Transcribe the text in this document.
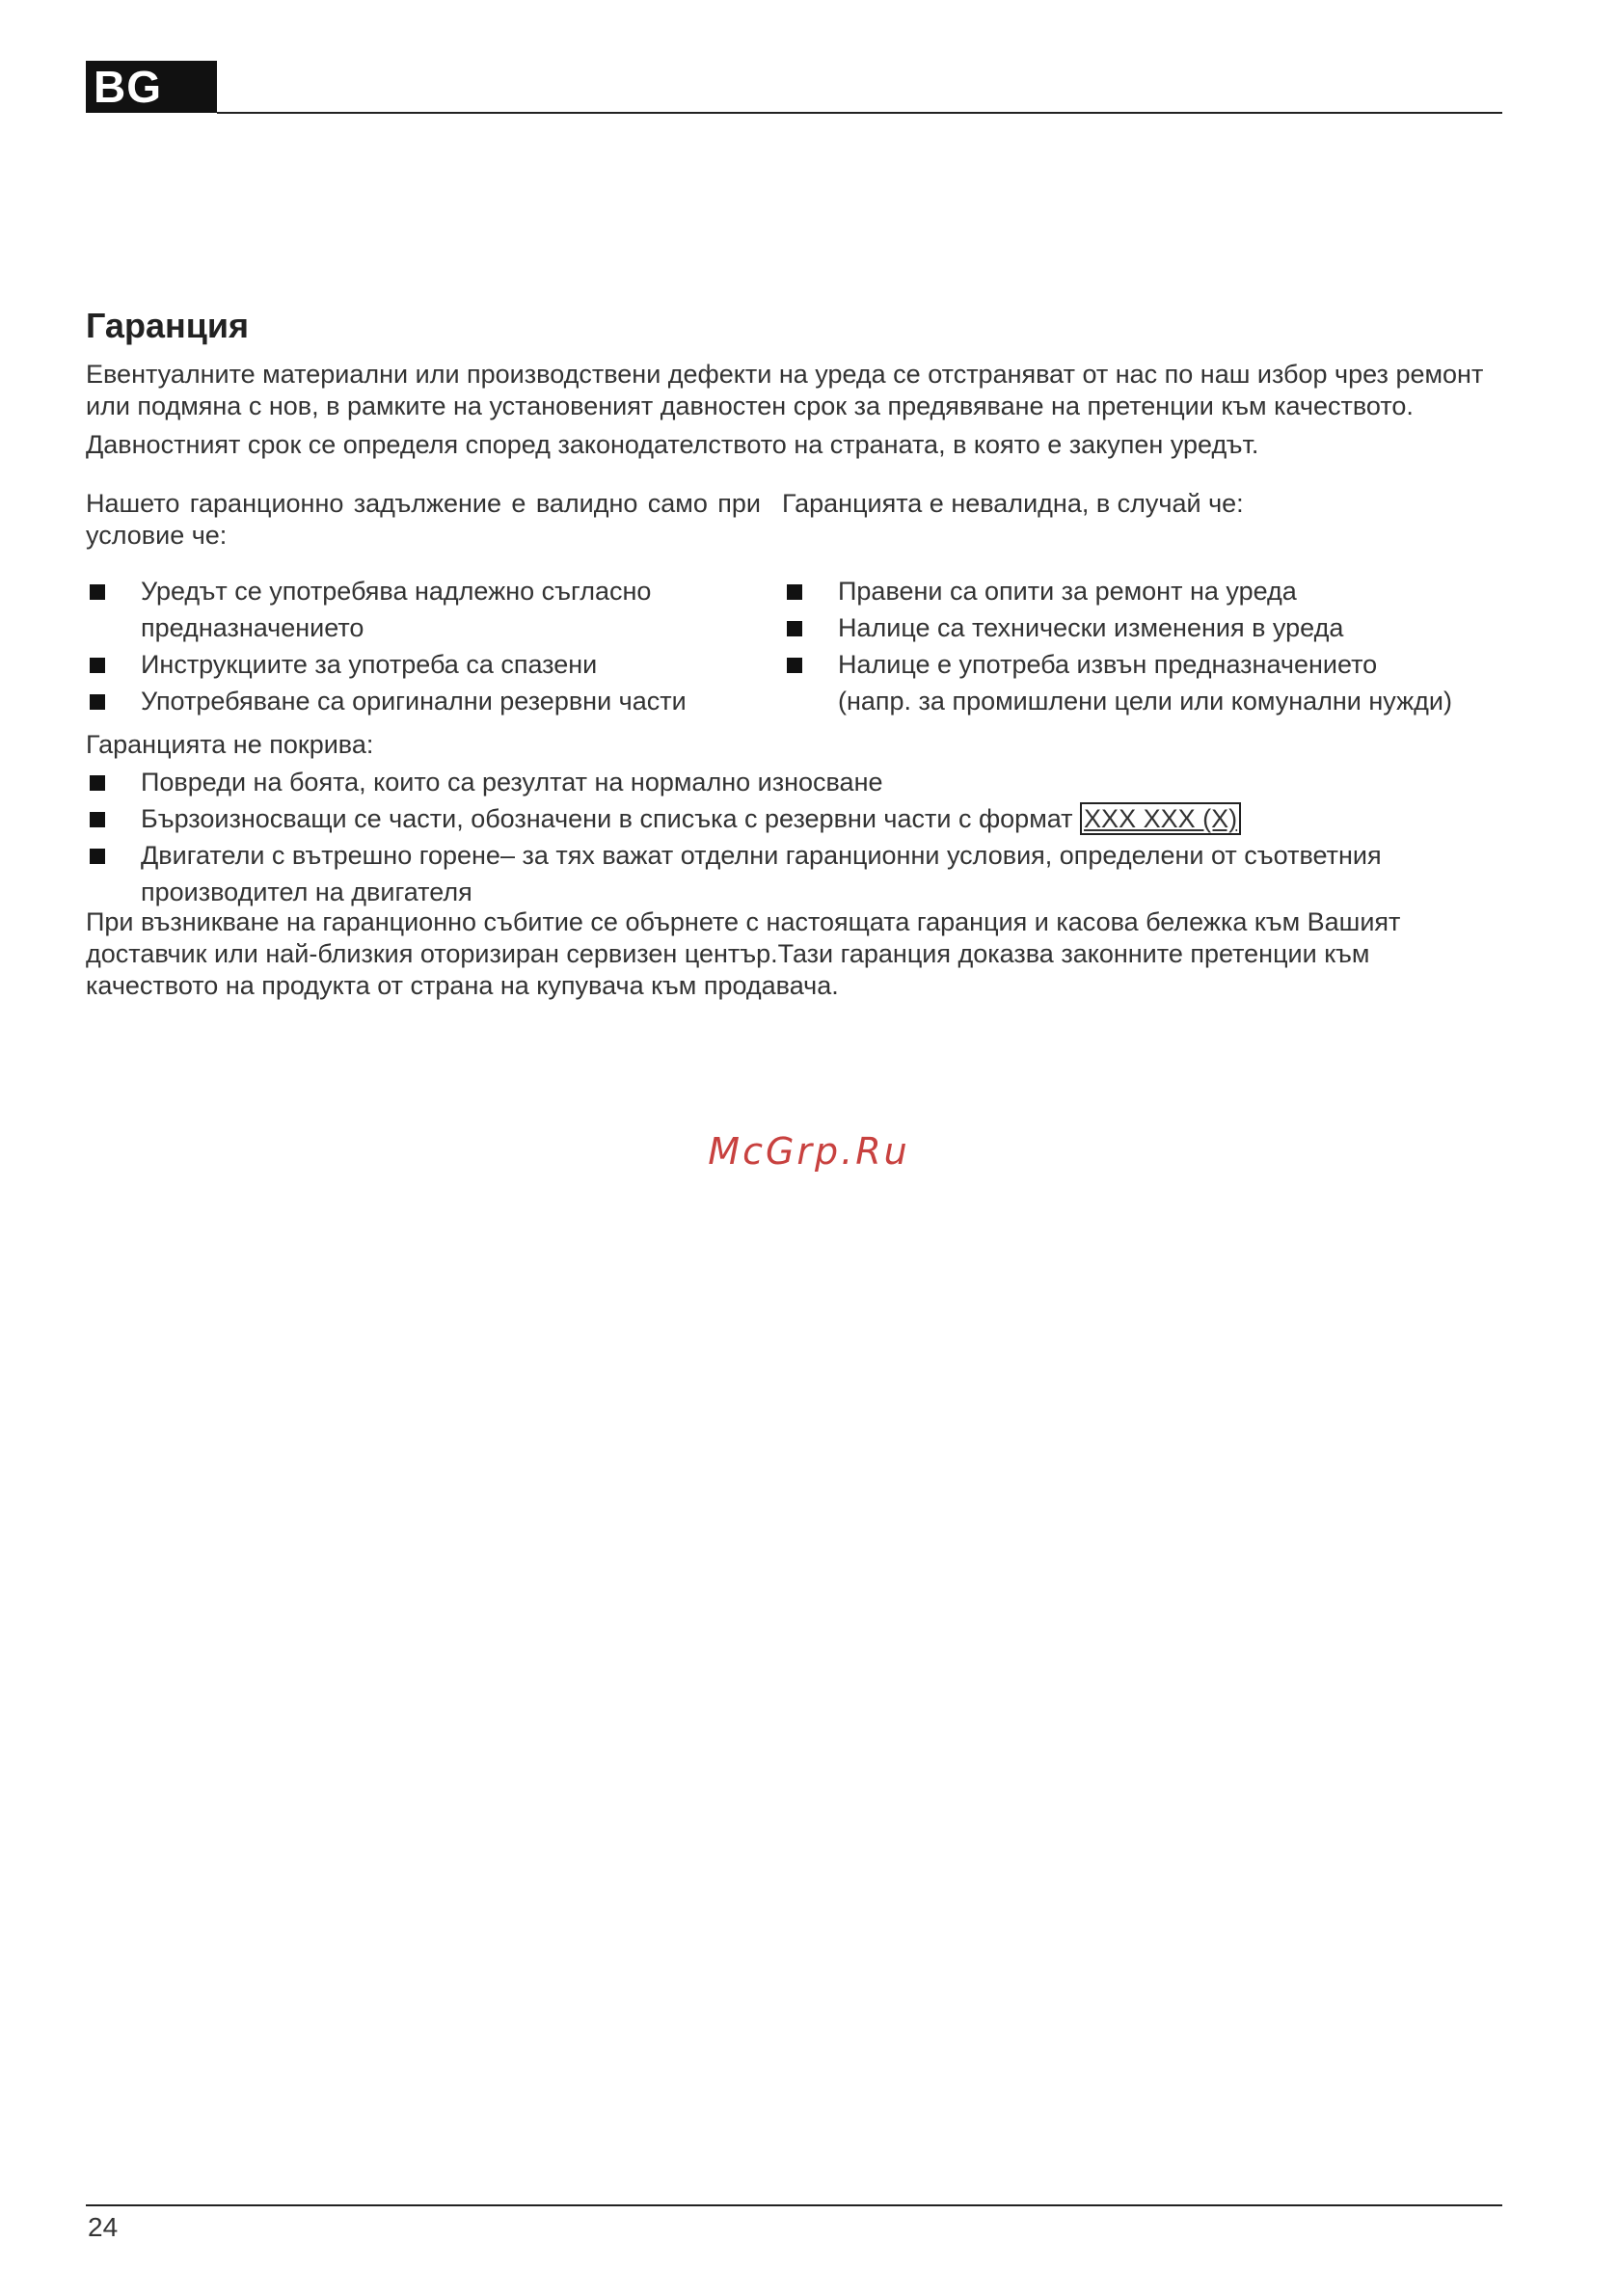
BG
Гаранция

Евентуалните материални или производствени дефекти на уреда се отстраняват от нас по наш избор чрез ремонт или подмяна с нов, в рамките на установеният давностен срок за предявяване на претенции към качеството.

Давностният срок се определя според законодателството на страната, в която е закупен уредът.

Нашето гаранционно задължение е валидно само при условие че:

Гаранцията е невалидна, в случай че:

Уредът се употребява надлежно съгласно
предназначението
Инструкциите за употреба са спазени
Употребяване са оригинални резервни части
Правени са опити за ремонт на уреда
Налице са технически изменения в уреда
Налице е употреба извън предназначението
(напр. за промишлени цели или комунални нужди)

Гаранцията не покрива:

Повреди на боята, които са резултат на нормално износване
Бързоизносващи се части, обозначени в списъка с резервни части с формат XXX XXX (X)
Двигатели с вътрешно горене– за тях важат отделни гаранционни условия, определени от съответния
производител на двигателя

При възникване на гаранционно събитие се обърнете с настоящата гаранция и касова бележка към Вашият доставчик или най-близкия оторизиран сервизен център.Тази гаранция доказва законните претенции към качеството на продукта от страна на купувача към продавача.

McGrp.Ru
24
